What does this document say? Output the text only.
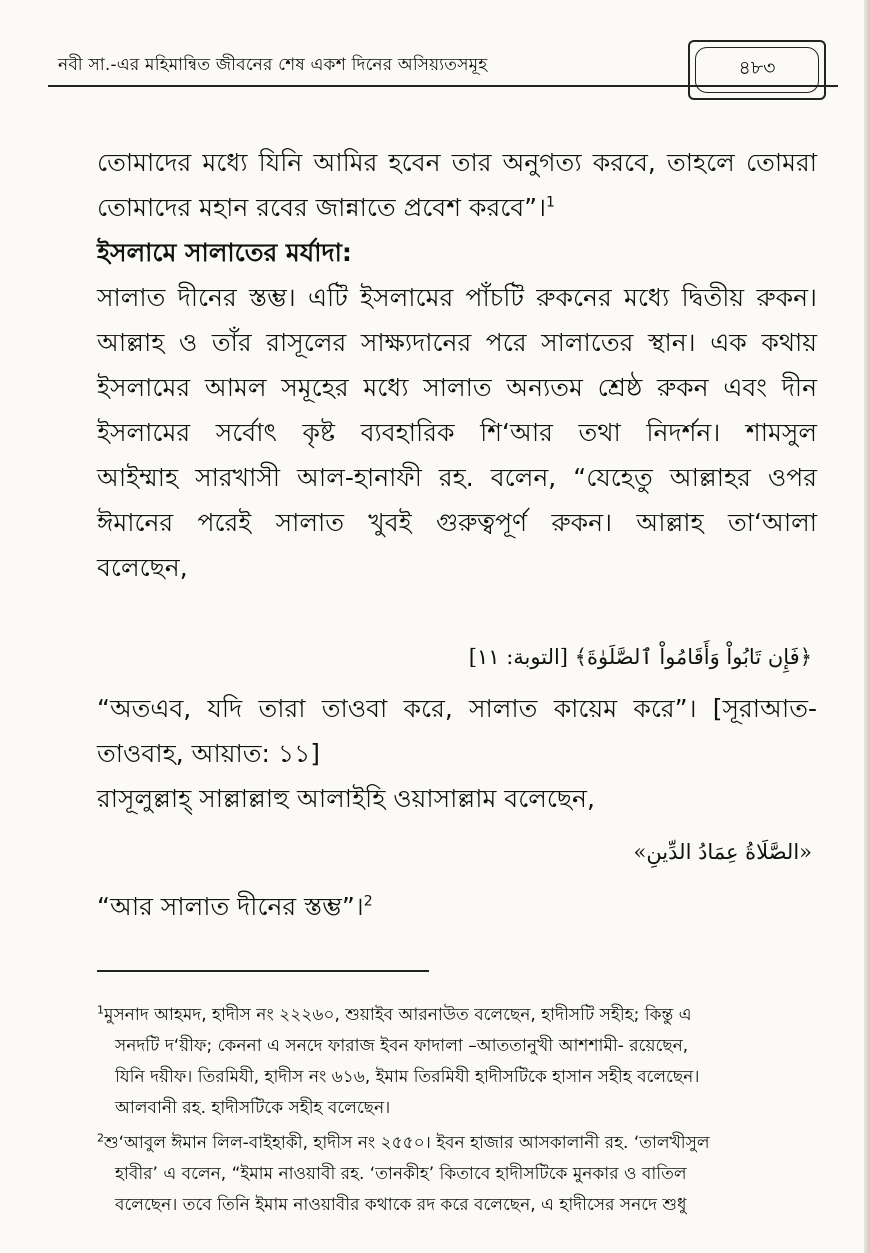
নবী সা.-এর মহিমান্বিত জীবনের শেষ একশ দিনের অসিয়্যতসমূহ	৪৮৩
তোমাদের মধ্যে যিনি আমির হবেন তার অনুগত্য করবে, তাহলে তোমরা
তোমাদের মহান রবের জান্নাতে প্রবেশ করবে”।$^1$
ইসলামে সালাতের মর্যাদা:
সালাত দীনের স্তম্ভ। এটি ইসলামের পাঁচটি রুকনের মধ্যে দ্বিতীয় রুকন।
আল্লাহ ও তাঁর রাসূলের সাক্ষ্যদানের পরে সালাতের স্থান। এক কথায়
ইসলামের আমল সমূহের মধ্যে সালাত অন্যতম শ্রেষ্ঠ রুকন এবং দীন
ইসলামের সর্বোৎ কৃষ্ট ব্যবহারিক শি‘আর তথা নিদর্শন। শামসুল
আইম্মাহ সারখাসী আল-হানাফী রহ. বলেন, “যেহেতু আল্লাহর ওপর
ঈমানের পরেই সালাত খুবই গুরুত্বপূর্ণ রুকন। আল্লাহ তা‘আলা
বলেছেন,
﴿فَإِن تَابُواْ وَأَقَامُواْ ٱلصَّلَوٰةَ﴾ [التوبة: ١١]
“অতএব, যদি তারা তাওবা করে, সালাত কায়েম করে”। [সূরাআত-
তাওবাহ, আয়াত: ১১]
রাসূলুল্লাহ্ সাল্লাল্লাহু আলাইহি ওয়াসাল্লাম বলেছেন,
«الصَّلَاةُ عِمَادُ الدِّينِ»
“আর সালাত দীনের স্তম্ভ”।$^2$
$^1$মুসনাদ আহমদ, হাদীস নং ২২২৬০, শুয়াইব আরনাউত বলেছেন, হাদীসটি সহীহ; কিন্তু এ
সনদটি দ‘য়ীফ; কেননা এ সনদে ফারাজ ইবন ফাদালা –আততানুখী আশশামী- রয়েছেন,
যিনি দয়ীফ। তিরমিযী, হাদীস নং ৬১৬, ইমাম তিরমিযী হাদীসটিকে হাসান সহীহ বলেছেন।
আলবানী রহ. হাদীসটিকে সহীহ বলেছেন।
$^2$শু‘আবুল ঈমান লিল-বাইহাকী, হাদীস নং ২৫৫০। ইবন হাজার আসকালানী রহ. ‘তালখীসুল
হাবীর’ এ বলেন, “ইমাম নাওয়াবী রহ. ‘তানকীহ’ কিতাবে হাদীসটিকে মুনকার ও বাতিল
বলেছেন। তবে তিনি ইমাম নাওয়াবীর কথাকে রদ করে বলেছেন, এ হাদীসের সনদে শুধু
